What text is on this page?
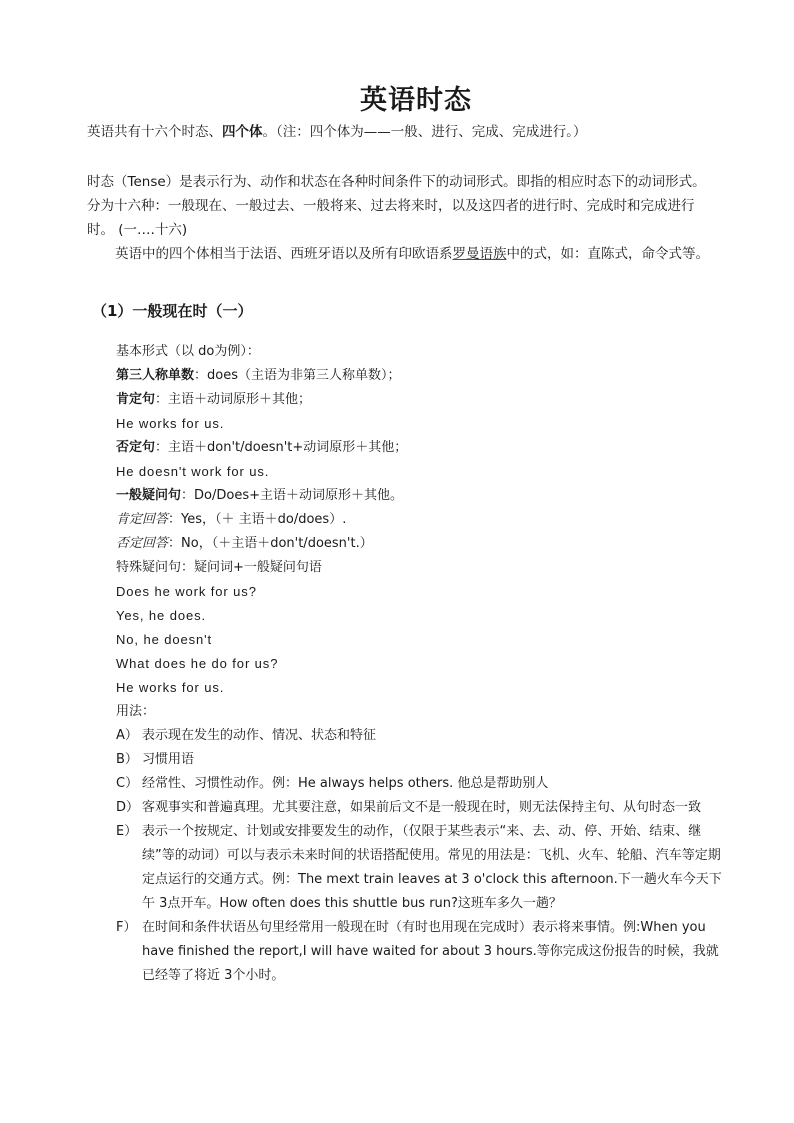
英语时态

英语共有十六个时态、四个体。（注：四个体为——一般、进行、完成、完成进行。）

时态（Tense）是表示行为、动作和状态在各种时间条件下的动词形式。即指的相应时态下的动词形式。分为十六种：一般现在、一般过去、一般将来、过去将来时，以及这四者的进行时、完成时和完成进行时。 (一….十六)

英语中的四个体相当于法语、西班牙语以及所有印欧语系罗曼语族中的式，如：直陈式，命令式等。

（1）一般现在时（一）
基本形式（以 do为例）：
第三人称单数：does（主语为非第三人称单数）；
肯定句：主语＋动词原形＋其他；
He works for us.
否定句：主语＋don't/doesn't+动词原形＋其他；
He doesn't work for us.
一般疑问句：Do/Does+主语＋动词原形＋其他。
肯定回答：Yes，（＋ 主语＋do/does）.
否定回答：No，（＋主语＋don't/doesn't.）
特殊疑问句：疑问词+一般疑问句语
Does he work for us?
Yes, he does.
No, he doesn't
What does he do for us?
He works for us.
用法：
A） 表示现在发生的动作、情况、状态和特征
B） 习惯用语
C） 经常性、习惯性动作。例：He always helps others. 他总是帮助别人
D） 客观事实和普遍真理。尤其要注意，如果前后文不是一般现在时，则无法保持主句、从句时态一致
E） 表示一个按规定、计划或安排要发生的动作，（仅限于某些表示“来、去、动、停、开始、结束、继续”等的动词）可以与表示未来时间的状语搭配使用。常见的用法是：飞机、火车、轮船、汽车等定期定点运行的交通方式。例：The mext train leaves at 3 o'clock this afternoon.下一趟火车今天下午 3点开车。How often does this shuttle bus run?这班车多久一趟？
F） 在时间和条件状语丛句里经常用一般现在时（有时也用现在完成时）表示将来事情。例:When you have finished the report,I will have waited for about 3 hours.等你完成这份报告的时候，我就已经等了将近 3个小时。
